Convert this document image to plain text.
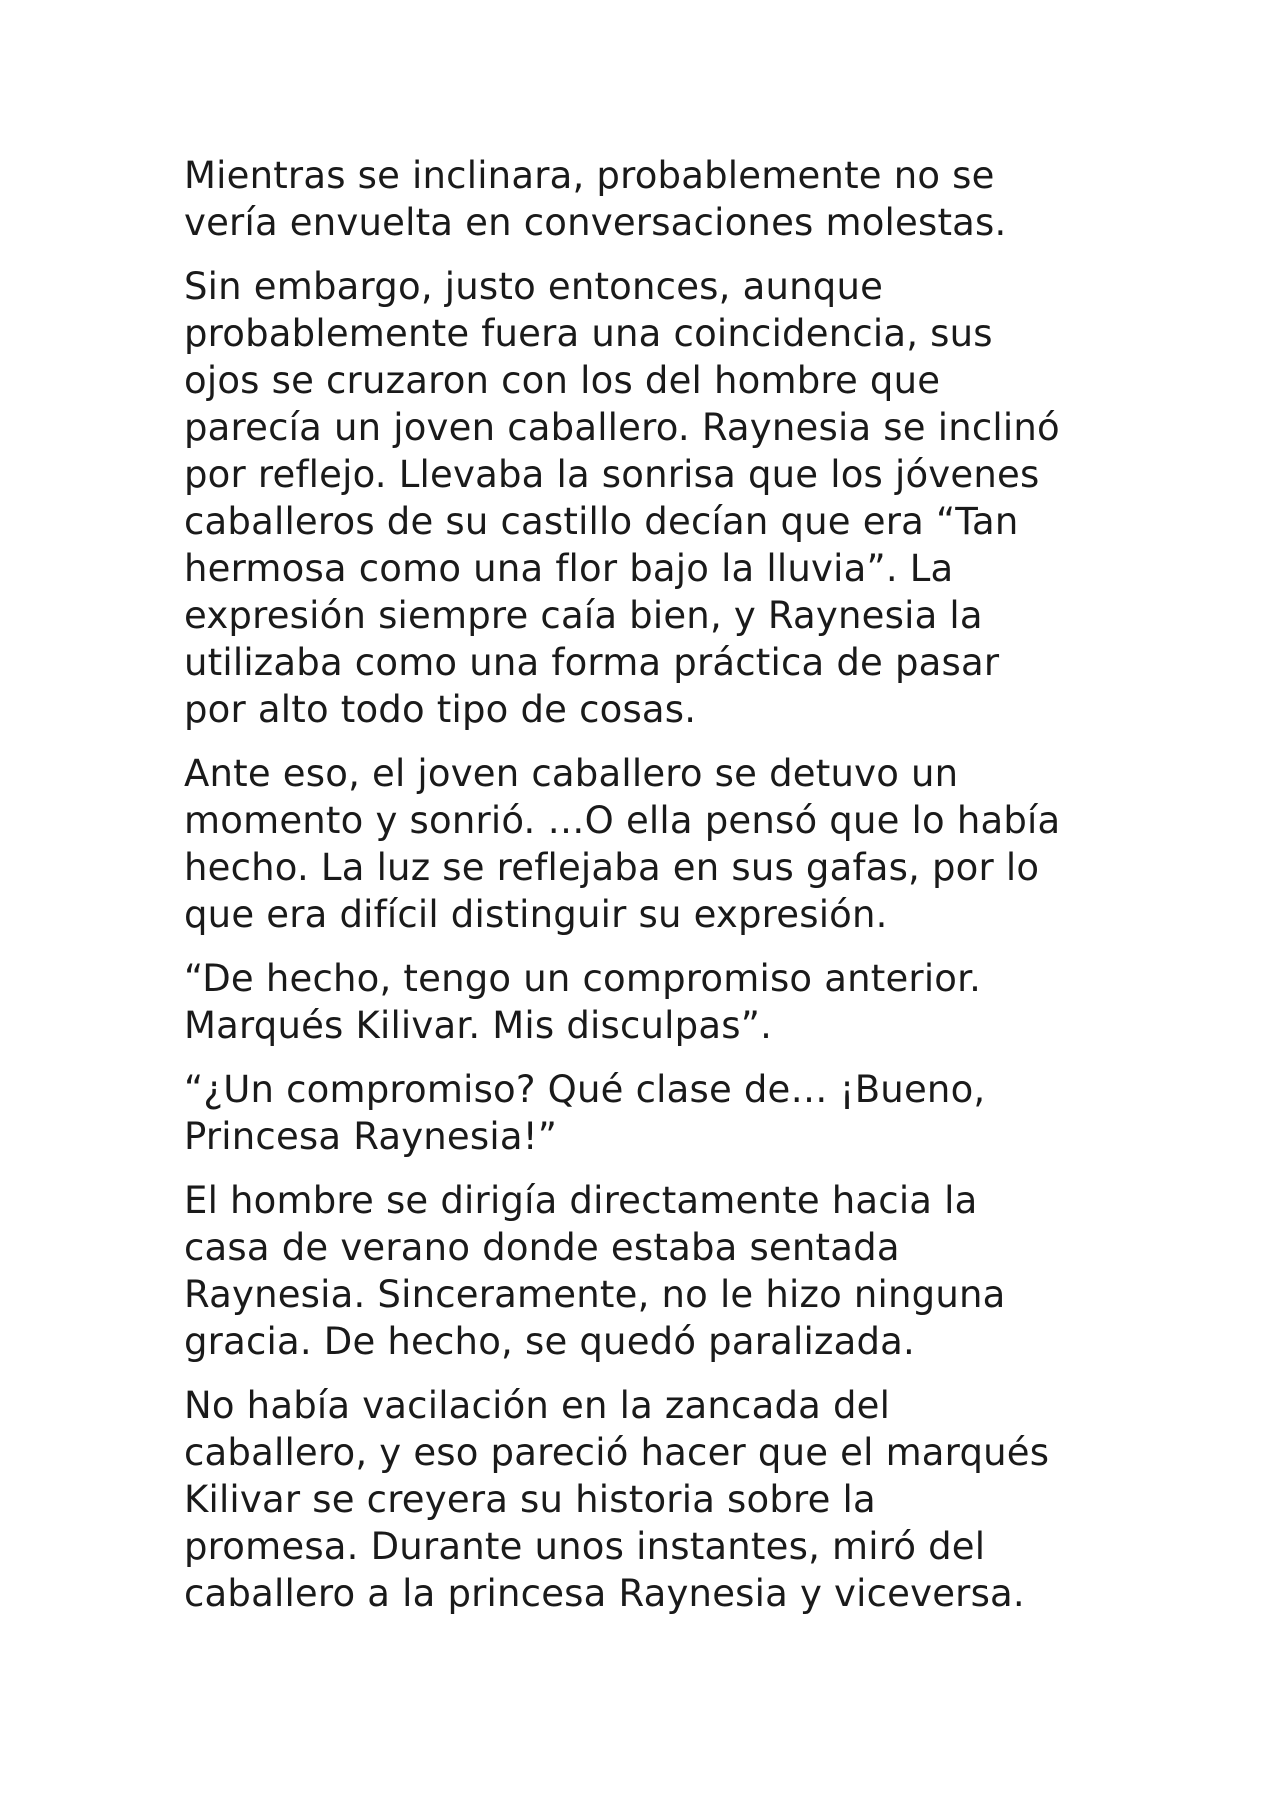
Mientras se inclinara, probablemente no se
vería envuelta en conversaciones molestas.

Sin embargo, justo entonces, aunque
probablemente fuera una coincidencia, sus
ojos se cruzaron con los del hombre que
parecía un joven caballero. Raynesia se inclinó
por reflejo. Llevaba la sonrisa que los jóvenes
caballeros de su castillo decían que era “Tan
hermosa como una flor bajo la lluvia”. La
expresión siempre caía bien, y Raynesia la
utilizaba como una forma práctica de pasar
por alto todo tipo de cosas.

Ante eso, el joven caballero se detuvo un
momento y sonrió. …O ella pensó que lo había
hecho. La luz se reflejaba en sus gafas, por lo
que era difícil distinguir su expresión.

“De hecho, tengo un compromiso anterior.
Marqués Kilivar. Mis disculpas”.

“¿Un compromiso? Qué clase de… ¡Bueno,
Princesa Raynesia!”

El hombre se dirigía directamente hacia la
casa de verano donde estaba sentada
Raynesia. Sinceramente, no le hizo ninguna
gracia. De hecho, se quedó paralizada.

No había vacilación en la zancada del
caballero, y eso pareció hacer que el marqués
Kilivar se creyera su historia sobre la
promesa. Durante unos instantes, miró del
caballero a la princesa Raynesia y viceversa.
